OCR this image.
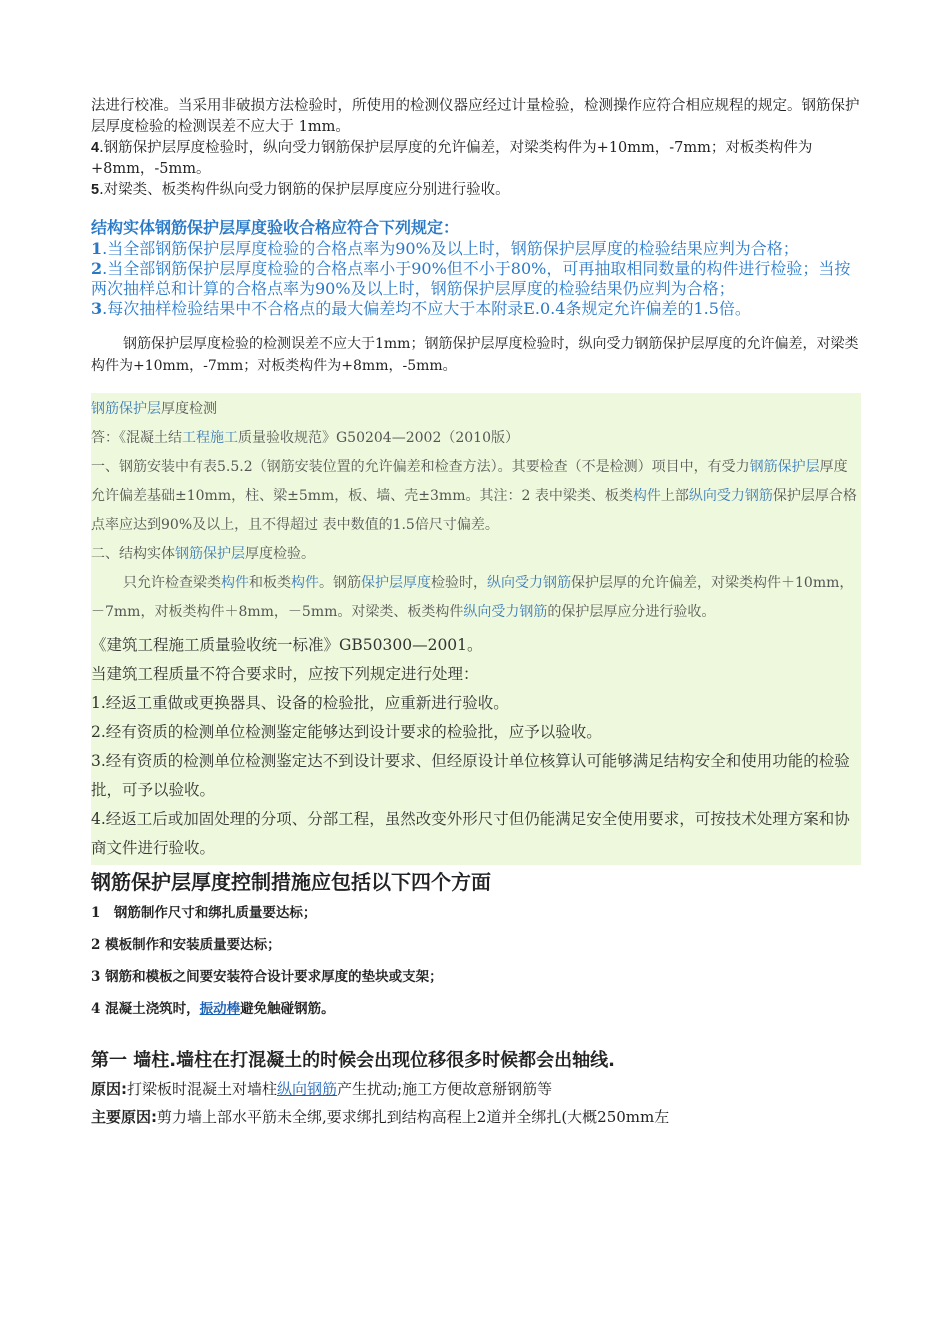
法进行校准。当采用非破损方法检验时，所使用的检测仪器应经过计量检验，检测操作应符合相应规程的规定。钢筋保护层厚度检验的检测误差不应大于 1mm。

4.钢筋保护层厚度检验时，纵向受力钢筋保护层厚度的允许偏差，对梁类构件为+10mm，-7mm；对板类构件为+8mm，-5mm。

5.对梁类、板类构件纵向受力钢筋的保护层厚度应分别进行验收。

结构实体钢筋保护层厚度验收合格应符合下列规定：

1.当全部钢筋保护层厚度检验的合格点率为90%及以上时，钢筋保护层厚度的检验结果应判为合格；

2.当全部钢筋保护层厚度检验的合格点率小于90%但不小于80%，可再抽取相同数量的构件进行检验；当按两次抽样总和计算的合格点率为90%及以上时，钢筋保护层厚度的检验结果仍应判为合格；

3.每次抽样检验结果中不合格点的最大偏差均不应大于本附录E.0.4条规定允许偏差的1.5倍。

钢筋保护层厚度检验的检测误差不应大于1mm；钢筋保护层厚度检验时，纵向受力钢筋保护层厚度的允许偏差，对梁类构件为+10mm，-7mm；对板类构件为+8mm，-5mm。

钢筋保护层厚度检测

答：《混凝土结工程施工质量验收规范》G50204—2002（2010版）

一、钢筋安装中有表5.5.2（钢筋安装位置的允许偏差和检查方法）。其要检查（不是检测）项目中，有受力钢筋保护层厚度允许偏差基础±10mm，柱、梁±5mm，板、墙、壳±3mm。其注：2 表中梁类、板类构件上部纵向受力钢筋保护层厚合格点率应达到90%及以上，且不得超过 表中数值的1.5倍尺寸偏差。

二、结构实体钢筋保护层厚度检验。

只允许检查梁类构件和板类构件。钢筋保护层厚度检验时，纵向受力钢筋保护层厚的允许偏差，对梁类构件＋10mm，－7mm，对板类构件＋8mm，－5mm。对梁类、板类构件纵向受力钢筋的保护层厚应分进行验收。

《建筑工程施工质量验收统一标准》GB50300—2001。

当建筑工程质量不符合要求时，应按下列规定进行处理：

1.经返工重做或更换器具、设备的检验批，应重新进行验收。

2.经有资质的检测单位检测鉴定能够达到设计要求的检验批，应予以验收。

3.经有资质的检测单位检测鉴定达不到设计要求、但经原设计单位核算认可能够满足结构安全和使用功能的检验批，可予以验收。

4.经返工后或加固处理的分项、分部工程，虽然改变外形尺寸但仍能满足安全使用要求，可按技术处理方案和协商文件进行验收。

钢筋保护层厚度控制措施应包括以下四个方面

1　钢筋制作尺寸和绑扎质量要达标；

2 模板制作和安装质量要达标；

3 钢筋和模板之间要安装符合设计要求厚度的垫块或支架；

4 混凝土浇筑时，振动棒避免触碰钢筋。

第一 墙柱.墙柱在打混凝土的时候会出现位移很多时候都会出轴线.

原因:打梁板时混凝土对墙柱纵向钢筋产生扰动;施工方便故意掰钢筋等

主要原因:剪力墙上部水平筋未全绑,要求绑扎到结构高程上2道并全绑扎(大概250mm左
